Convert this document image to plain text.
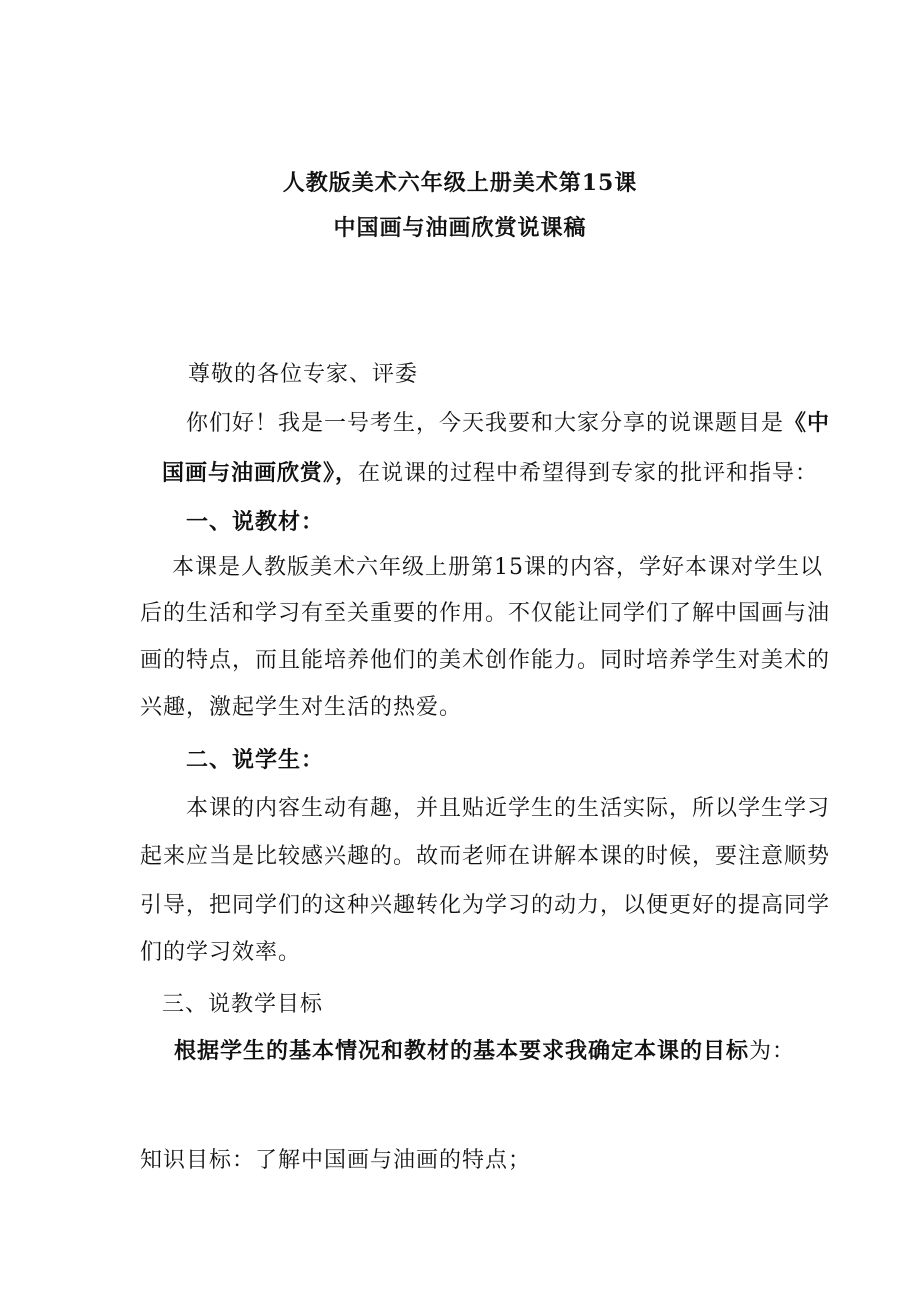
人教版美术六年级上册美术第15课
中国画与油画欣赏说课稿
尊敬的各位专家、评委
你们好！我是一号考生，今天我要和大家分享的说课题目是《中
国画与油画欣赏》，在说课的过程中希望得到专家的批评和指导：
一、说教材：
本课是人教版美术六年级上册第15课的内容，学好本课对学生以
后的生活和学习有至关重要的作用。不仅能让同学们了解中国画与油
画的特点，而且能培养他们的美术创作能力。同时培养学生对美术的
兴趣，激起学生对生活的热爱。
二、说学生：
本课的内容生动有趣，并且贴近学生的生活实际，所以学生学习
起来应当是比较感兴趣的。故而老师在讲解本课的时候，要注意顺势
引导，把同学们的这种兴趣转化为学习的动力，以便更好的提高同学
们的学习效率。
三、说教学目标
根据学生的基本情况和教材的基本要求我确定本课的目标为：
知识目标：了解中国画与油画的特点；
